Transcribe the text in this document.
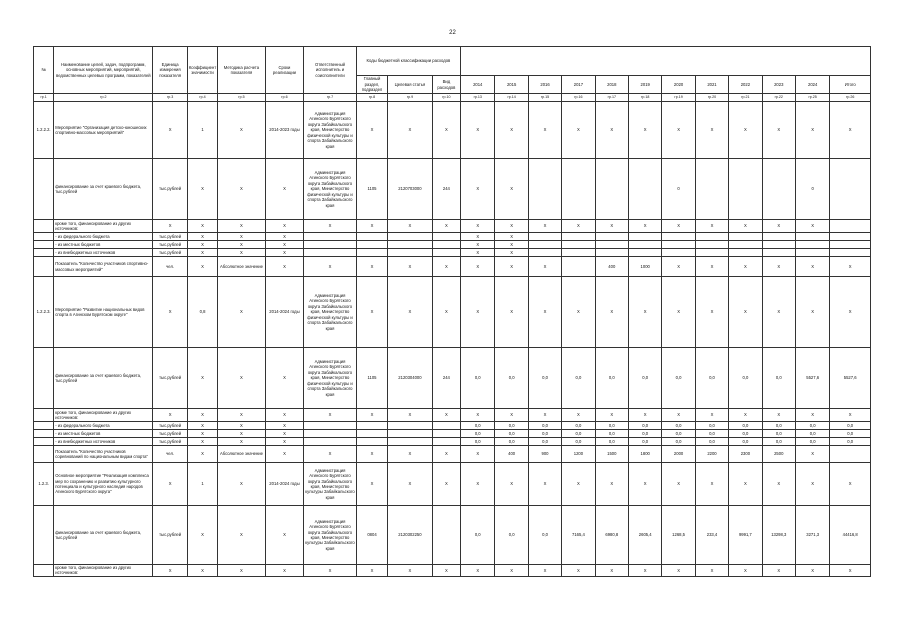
22
№	Наименование целей, задач, подпрограмм, основных мероприятий, мероприятий, ведомственных целевых программ, показателей	Единица измерения показателя	Коэффициент значимости	Методика расчета показателя	Сроки реализации	Ответственный исполнитель и соисполнители	Коды бюджетной классификации расходов														
							Главный раздел, подраздел	Целевая статья	Вид расходов	2014	2015	2016	2017	2018	2019	2020	2021	2022	2023	2024	Итого
гр.1	гр.2	гр.3	гр.4	гр.5	гр.6	гр.7	гр.8	гр.9	гр.10	гр.13	гр.14	гр.15	гр.16	гр.17	гр.18	гр.19	гр.20	гр.21	гр.22	гр.25	гр.26
1.2.2.2.	Мероприятие "Организация детско-юношеских спортивно-массовых мероприятий"	X	1	X	2014-2023 годы	Администрация Агинского Бурятского округа Забайкальского края, Министерство физической культуры и спорта Забайкальского края	X	X	X	X	X	X	X	X	X	X	X	X	X	X	X
	финансирование за счет краевого бюджета, тыс.рублей	тыс.рублей	X	X	X	Администрация Агинского Бурятского округа Забайкальского края, Министерство физической культуры и спорта Забайкальского края	1105	2120703000	244	X	X					0				0	
	кроме того, финансирование из других источников:	X	X	X	X	X	X	X	X	X	X	X	X	X	X	X	X	X	X	X	
	- из федерального бюджета	тыс.рублей	X	X	X					X	X										
	- из местных бюджетов	тыс.рублей	X	X	X					X	X										
	- из внебюджетных источников	тыс.рублей	X	X	X					X	X										
	Показатель "Количество участников спортивно-массовых мероприятий"	чел.	X	Абсолютное значение	X	X	X	X	X	X	X	X		400	1000	X	X	X	X	X	X
1.2.2.3.	Мероприятие "Развитие национальных видов спорта в Агинском Бурятском округе"	X	0,8	X	2014-2024 годы	Администрация Агинского Бурятского округа Забайкальского края, Министерство физической культуры и спорта Забайкальского края	X	X	X	X	X	X	X	X	X	X	X	X	X	X	X
	финансирование за счет краевого бюджета, тыс.рублей	тыс.рублей	X	X	X	Администрация Агинского Бурятского округа Забайкальского края, Министерство физической культуры и спорта Забайкальского края	1105	2120304000	244	0,0	0,0	0,0	0,0	0,0	0,0	0,0	0,0	0,0	0,0	5527,6	5527,6
	кроме того, финансирование из других источников:	X	X	X	X	X	X	X	X	X	X	X	X	X	X	X	X	X	X	X	X
	- из федерального бюджета	тыс.рублей	X	X	X					0,0	0,0	0,0	0,0	0,0	0,0	0,0	0,0	0,0	0,0	0,0	0,0
	- из местных бюджетов	тыс.рублей	X	X	X					0,0	0,0	0,0	0,0	0,0	0,0	0,0	0,0	0,0	0,0	0,0	0,0
	- из внебюджетных источников	тыс.рублей	X	X	X					0,0	0,0	0,0	0,0	0,0	0,0	0,0	0,0	0,0	0,0	0,0	0,0
	Показатель "Количество участников соревнований по национальным видам спорта"	чел.	X	Абсолютное значение	X	X	X	X	X	X	400	900	1200	1500	1800	2000	2200	2300	2500	X	
1.2.3.	Основное мероприятие "Реализация комплекса мер по сохранению и развитию культурного потенциала и культурного наследия народов Агинского Бурятского округа"	X	1	X	2014-2024 годы	Администрация Агинского Бурятского округа Забайкальского края, Министерство культуры Забайкальского края	X	X	X	X	X	X	X	X	X	X	X	X	X	X	X
	финансирование за счет краевого бюджета, тыс.рублей	тыс.рублей	X	X	X	Администрация Агинского Бурятского округа Забайкальского края, Министерство культуры Забайкальского края	0804	2120302250		0,0	0,0	0,0	7165,4	6980,8	2605,4	1268,5	233,4	9991,7	13298,3	3271,3	44416,8
	кроме того, финансирование из других источников:	X	X	X	X	X	X	X	X	X	X	X	X	X	X	X	X	X	X	X	X
